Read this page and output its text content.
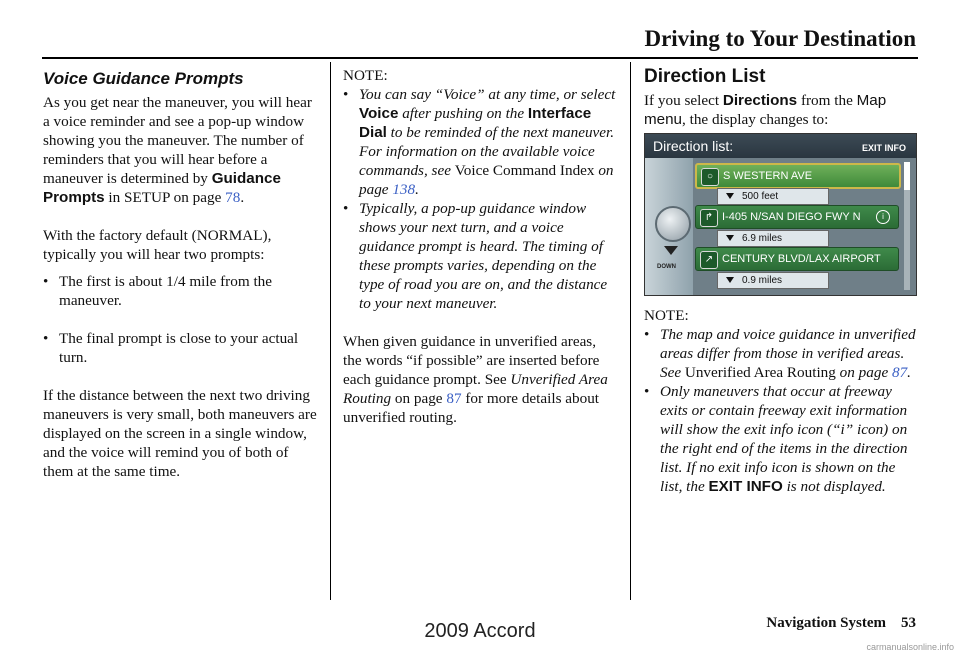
Driving to Your Destination
Voice Guidance Prompts

As you get near the maneuver, you will hear a voice reminder and see a pop-up window showing you the maneuver. The number of reminders that you will hear before a maneuver is determined by Guidance Prompts in SETUP on page 78.

With the factory default (NORMAL), typically you will hear two prompts:

• The first is about 1/4 mile from the maneuver.
• The final prompt is close to your actual turn.

If the distance between the next two driving maneuvers is very small, both maneuvers are displayed on the screen in a single window, and the voice will remind you of both of them at the same time.

NOTE:
• You can say “Voice” at any time, or select Voice after pushing on the Interface Dial to be reminded of the next maneuver. For information on the available voice commands, see Voice Command Index on page 138.
• Typically, a pop-up guidance window shows your next turn, and a voice guidance prompt is heard. The timing of these prompts varies, depending on the type of road you are on, and the distance to your next maneuver.

When given guidance in unverified areas, the words “if possible” are inserted before each guidance prompt. See Unverified Area Routing on page 87 for more details about unverified routing.

Direction List

If you select Directions from the Map menu, the display changes to:

Direction list:	EXIT INFO
DOWN
○ S WESTERN AVE
500 feet
↱ I-405 N/SAN DIEGO FWY N	i
6.9 miles
↗ CENTURY BLVD/LAX AIRPORT
0.9 miles
NOTE:
• The map and voice guidance in unverified areas differ from those in verified areas. See Unverified Area Routing on page 87.
• Only maneuvers that occur at freeway exits or contain freeway exit information will show the exit info icon (“i” icon) on the right end of the items in the direction list. If no exit info icon is shown on the list, the EXIT INFO is not displayed.
Navigation System 53
2009 Accord
carmanualsonline.info
